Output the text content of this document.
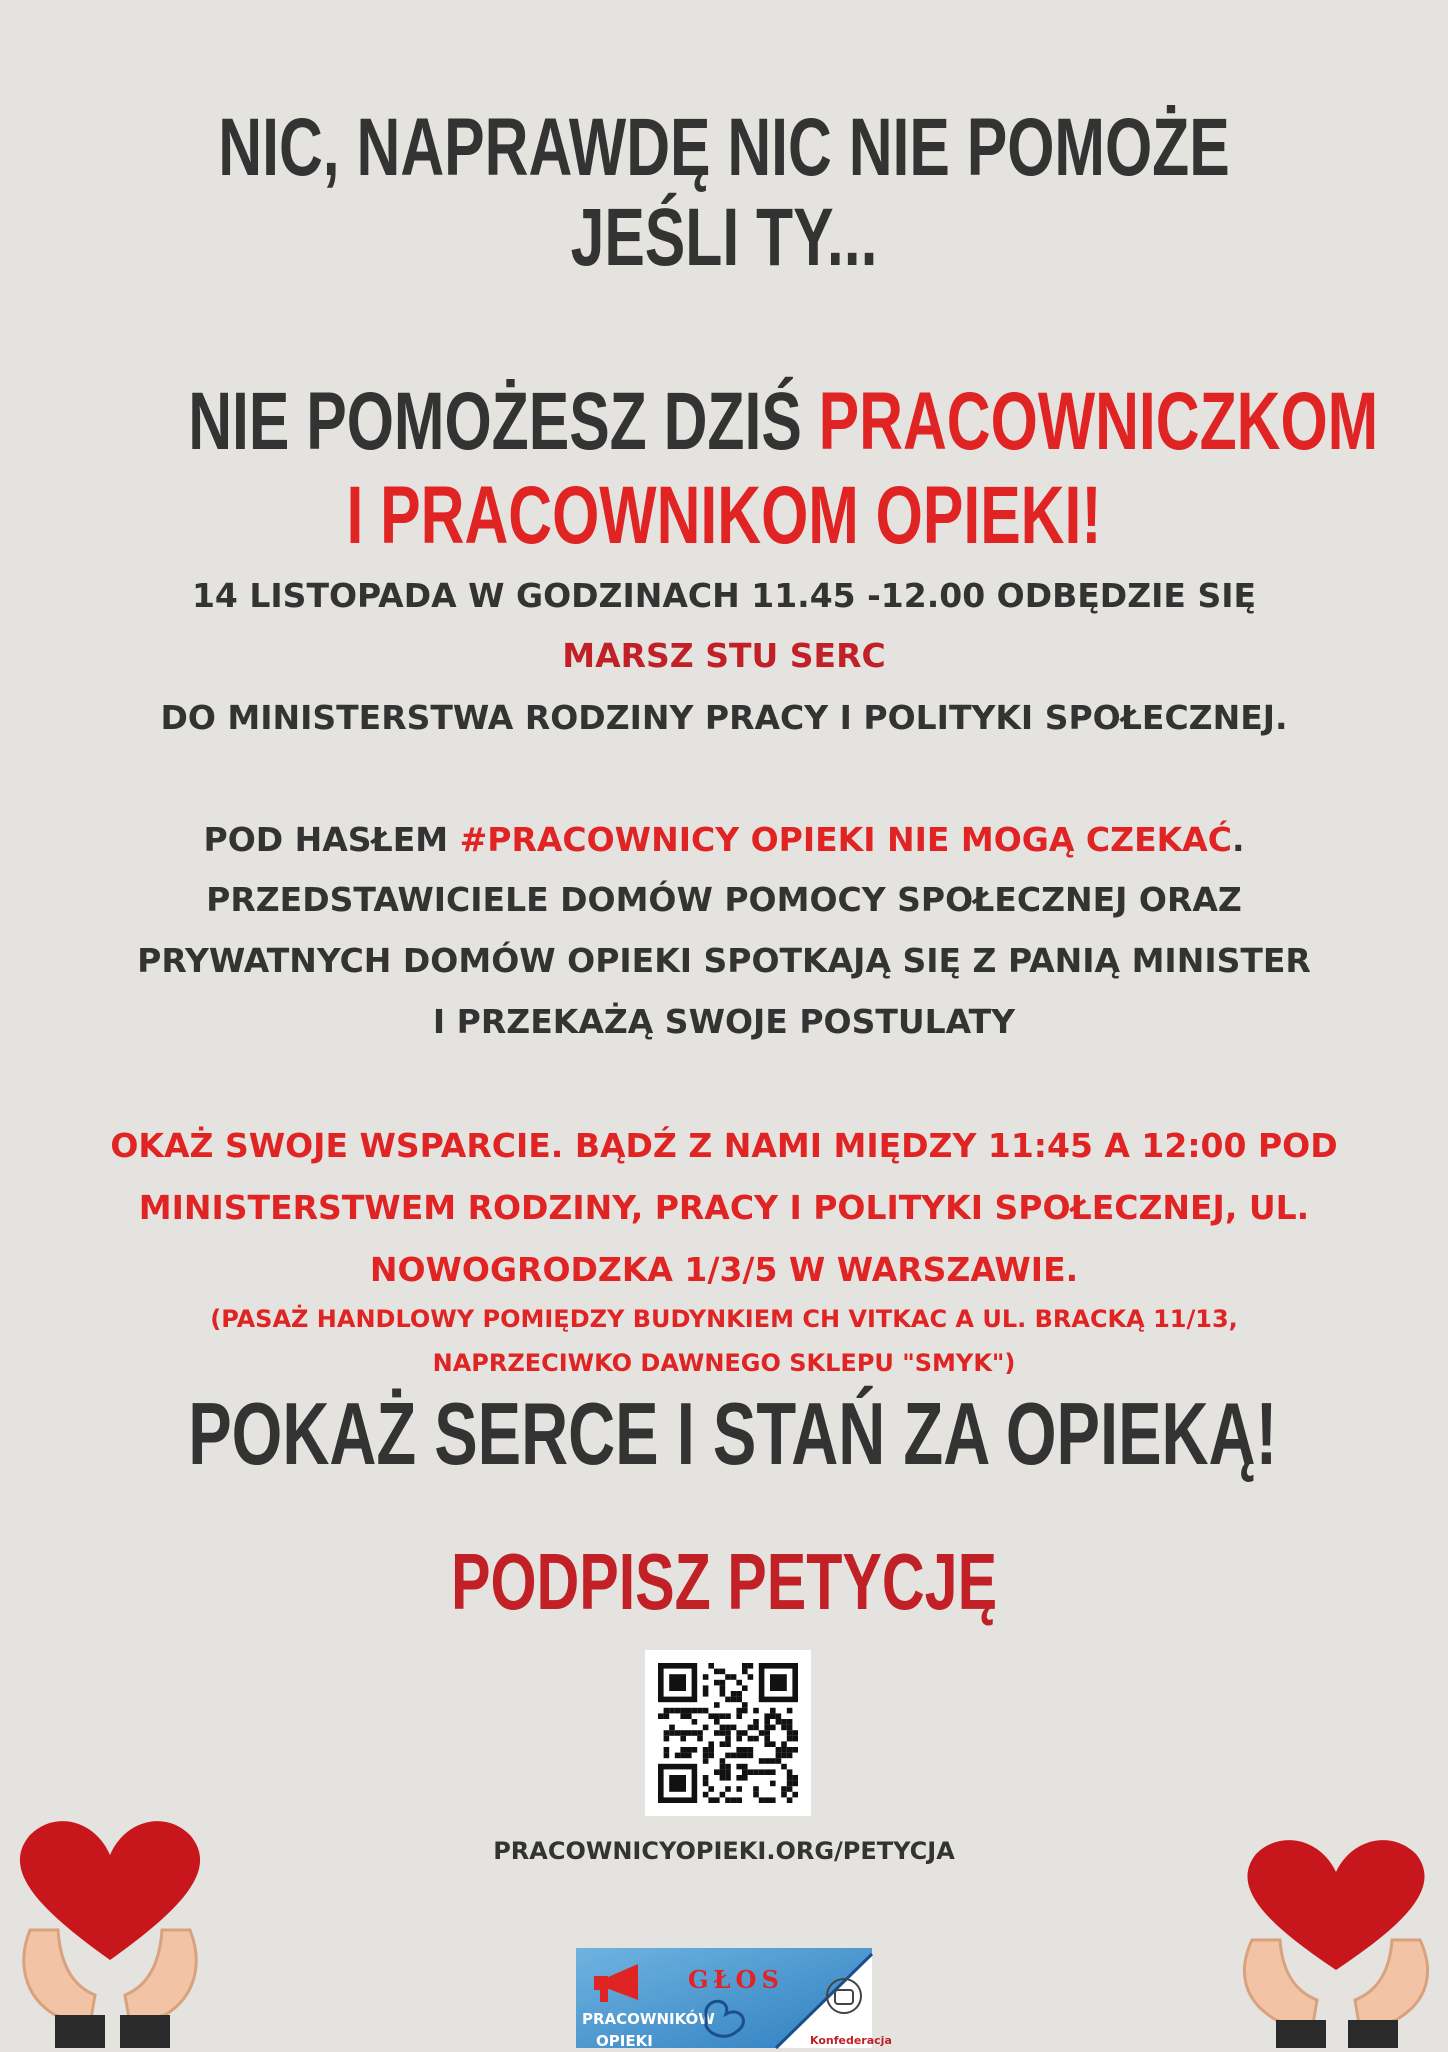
NIC, NAPRAWDĘ NIC NIE POMOŻE
JEŚLI TY...
NIE POMOŻESZ DZIŚ PRACOWNICZKOM
I PRACOWNIKOM OPIEKI!
14 LISTOPADA W GODZINACH 11.45 -12.00 ODBĘDZIE SIĘ
MARSZ STU SERC
DO MINISTERSTWA RODZINY PRACY I POLITYKI SPOŁECZNEJ.
POD HASŁEM #PRACOWNICY OPIEKI NIE MOGĄ CZEKAĆ.
PRZEDSTAWICIELE DOMÓW POMOCY SPOŁECZNEJ ORAZ
PRYWATNYCH DOMÓW OPIEKI SPOTKAJĄ SIĘ Z PANIĄ MINISTER
I PRZEKAŻĄ SWOJE POSTULATY
OKAŻ SWOJE WSPARCIE. BĄDŹ Z NAMI MIĘDZY 11:45 A 12:00 POD
MINISTERSTWEM RODZINY, PRACY I POLITYKI SPOŁECZNEJ, UL.
NOWOGRODZKA 1/3/5 W WARSZAWIE.
(PASAŻ HANDLOWY POMIĘDZY BUDYNKIEM CH VITKAC A UL. BRACKĄ 11/13,
NAPRZECIWKO DAWNEGO SKLEPU "SMYK")
POKAŻ SERCE I STAŃ ZA OPIEKĄ!
PODPISZ PETYCJĘ
PRACOWNICYOPIEKI.ORG/PETYCJA
GŁOS
PRACOWNIKÓW
OPIEKI	Konfederacja
